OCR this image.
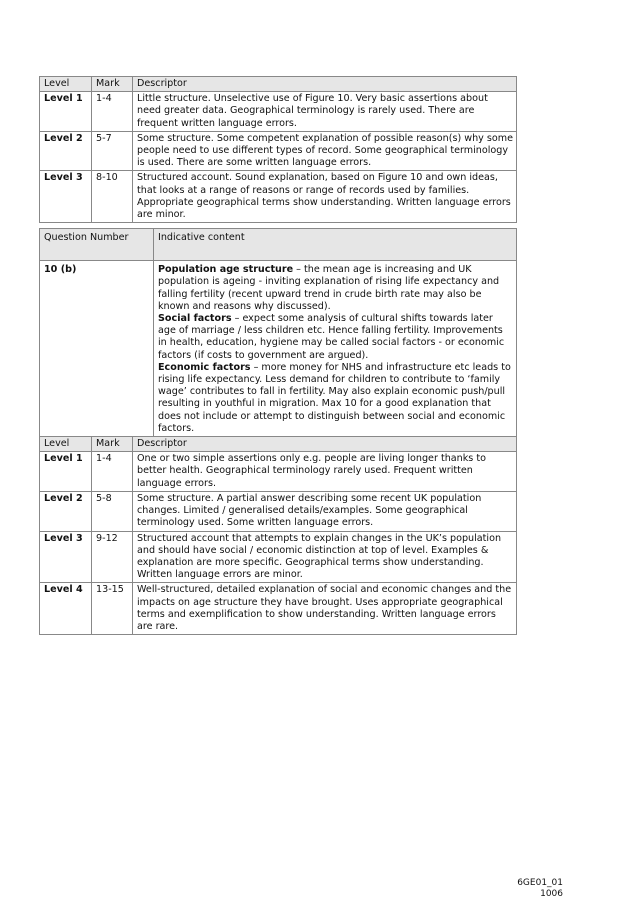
Level	Mark	Descriptor
Level 1	1-4	Little structure. Unselective use of Figure 10. Very basic assertions about need greater data. Geographical terminology is rarely used. There are frequent written language errors.
Level 2	5-7	Some structure. Some competent explanation of possible reason(s) why some people need to use different types of record. Some geographical terminology is used. There are some written language errors.
Level 3	8-10	Structured account. Sound explanation, based on Figure 10 and own ideas, that looks at a range of reasons or range of records used by families. Appropriate geographical terms show understanding. Written language errors are minor.
Question Number	Indicative content
10 (b)	Population age structure – the mean age is increasing and UK population is ageing - inviting explanation of rising life expectancy and falling fertility (recent upward trend in crude birth rate may also be known and reasons why discussed).
Social factors – expect some analysis of cultural shifts towards later age of marriage / less children etc. Hence falling fertility. Improvements in health, education, hygiene may be called social factors - or economic factors (if costs to government are argued).
Economic factors – more money for NHS and infrastructure etc leads to rising life expectancy. Less demand for children to contribute to ‘family wage’ contributes to fall in fertility. May also explain economic push/pull resulting in youthful in migration. Max 10 for a good explanation that does not include or attempt to distinguish between social and economic factors.
Level	Mark	Descriptor
Level 1	1-4	One or two simple assertions only e.g. people are living longer thanks to better health. Geographical terminology rarely used. Frequent written language errors.
Level 2	5-8	Some structure. A partial answer describing some recent UK population changes. Limited / generalised details/examples. Some geographical terminology used. Some written language errors.
Level 3	9-12	Structured account that attempts to explain changes in the UK’s population and should have social / economic distinction at top of level. Examples & explanation are more specific. Geographical terms show understanding. Written language errors are minor.
Level 4	13-15	Well-structured, detailed explanation of social and economic changes and the impacts on age structure they have brought. Uses appropriate geographical terms and exemplification to show understanding. Written language errors are rare.
6GE01_01
1006
